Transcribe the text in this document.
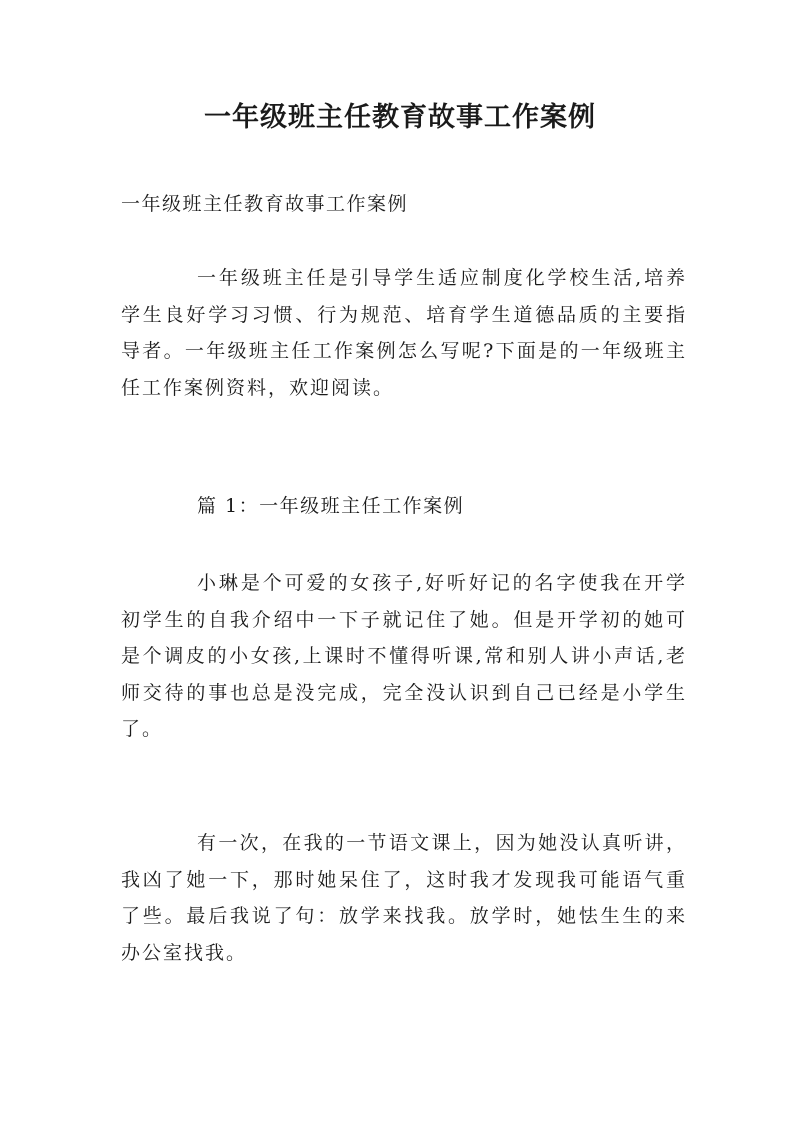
一年级班主任教育故事工作案例

一年级班主任教育故事工作案例

一年级班主任是引导学生适应制度化学校生活,培养学生良好学习习惯、行为规范、培育学生道德品质的主要指导者。一年级班主任工作案例怎么写呢?下面是的一年级班主任工作案例资料，欢迎阅读。

篇 1：一年级班主任工作案例

小琳是个可爱的女孩子,好听好记的名字使我在开学初学生的自我介绍中一下子就记住了她。但是开学初的她可是个调皮的小女孩,上课时不懂得听课,常和别人讲小声话,老师交待的事也总是没完成，完全没认识到自己已经是小学生了。

有一次，在我的一节语文课上，因为她没认真听讲，我凶了她一下，那时她呆住了，这时我才发现我可能语气重了些。最后我说了句：放学来找我。放学时，她怯生生的来办公室找我。
